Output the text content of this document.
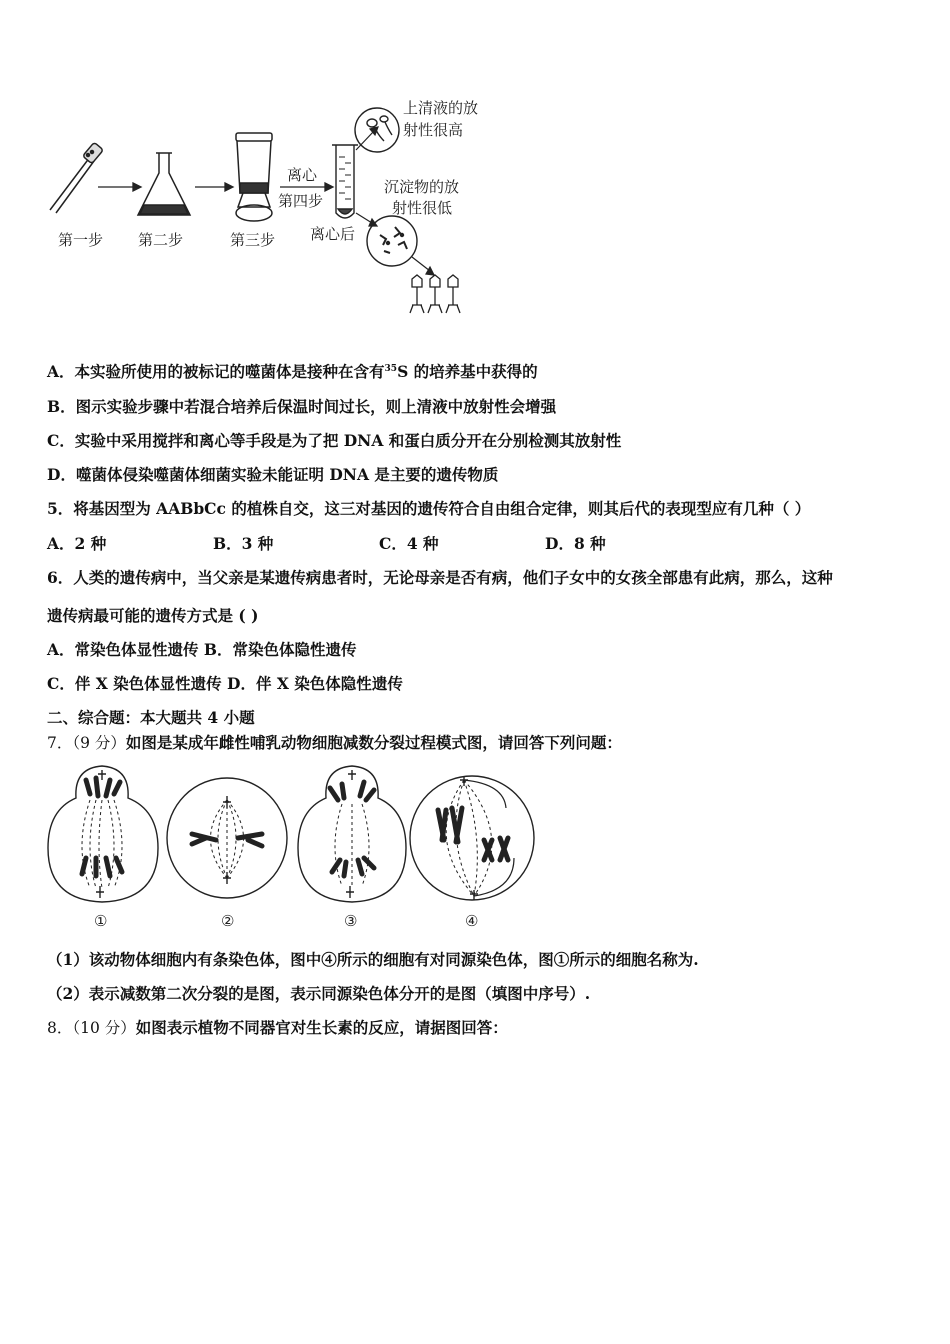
第一步 第二步	第三步
离心
第四步
离心后
上清液的放
射性很高
沉淀物的放
射性很低
A．本实验所使用的被标记的噬菌体是接种在含有$^{35}$S 的培养基中获得的
B．图示实验步骤中若混合培养后保温时间过长，则上清液中放射性会增强
C．实验中采用搅拌和离心等手段是为了把 DNA 和蛋白质分开在分别检测其放射性
D．噬菌体侵染噬菌体细菌实验未能证明 DNA 是主要的遗传物质
5．将基因型为 AABbCc 的植株自交，这三对基因的遗传符合自由组合定律，则其后代的表现型应有几种（ ）
A．2 种	B．3 种	C．4 种	D．8 种
6．人类的遗传病中，当父亲是某遗传病患者时，无论母亲是否有病，他们子女中的女孩全部患有此病，那么，这种
遗传病最可能的遗传方式是 ( )
A．常染色体显性遗传 B．常染色体隐性遗传
C．伴 X 染色体显性遗传 D．伴 X 染色体隐性遗传
二、综合题：本大题共 4 小题
7．（9 分）如图是某成年雌性哺乳动物细胞减数分裂过程模式图，请回答下列问题：
①	②	③	④
（1）该动物体细胞内有条染色体，图中④所示的细胞有对同源染色体，图①所示的细胞名称为.
（2）表示减数第二次分裂的是图，表示同源染色体分开的是图（填图中序号）.
8．（10 分）如图表示植物不同器官对生长素的反应，请据图回答：
